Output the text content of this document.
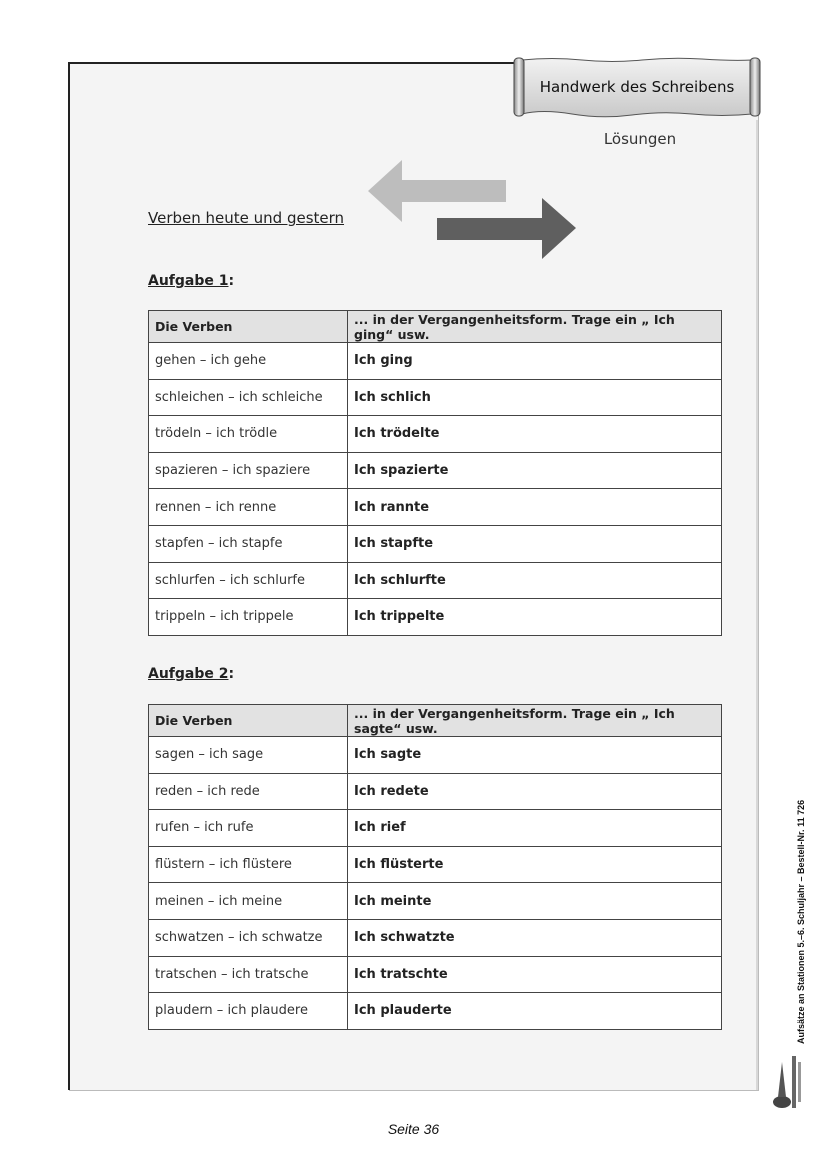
Handwerk des Schreibens
Lösungen
Verben heute und gestern
Aufgabe 1:
Die Verben	... in der Vergangenheitsform. Trage ein „ Ich ging“ usw.
gehen – ich gehe	Ich ging
schleichen – ich schleiche	Ich schlich
trödeln – ich trödle	Ich trödelte
spazieren – ich spaziere	Ich spazierte
rennen – ich renne	Ich rannte
stapfen – ich stapfe	Ich stapfte
schlurfen – ich schlurfe	Ich schlurfte
trippeln – ich trippele	Ich trippelte
Aufgabe 2:
Die Verben	... in der Vergangenheitsform. Trage ein „ Ich sagte“ usw.
sagen – ich sage	Ich sagte
reden – ich rede	Ich redete
rufen – ich rufe	Ich rief
flüstern – ich flüstere	Ich flüsterte
meinen – ich meine	Ich meinte
schwatzen – ich schwatze	Ich schwatzte
tratschen – ich tratsche	Ich tratschte
plaudern – ich plaudere	Ich plauderte	Aufsätze an Stationen 5.–6. Schuljahr – Bestell-Nr. 11 726
Seite 36
